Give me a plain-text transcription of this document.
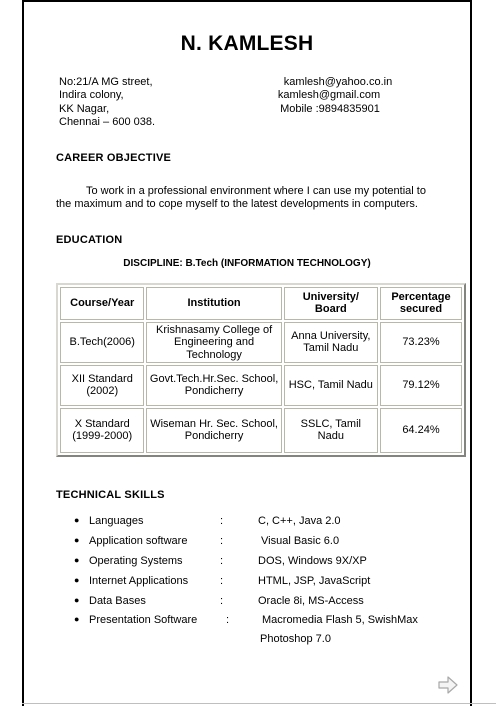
N. KAMLESH
No:21/A MG street,
Indira colony,
KK Nagar,
Chennai – 600 038.
kamlesh@yahoo.co.in
kamlesh@gmail.com
Mobile :9894835901
CAREER OBJECTIVE
To work in a professional environment where I can use my potential to the maximum and to cope myself to the latest developments in computers.
EDUCATION
DISCIPLINE: B.Tech (INFORMATION TECHNOLOGY)
Course/Year	Institution	University/ Board	Percentage secured
B.Tech(2006)	Krishnasamy College of Engineering and Technology	Anna University, Tamil Nadu	73.23%
XII Standard (2002)	Govt.Tech.Hr.Sec. School, Pondicherry	HSC, Tamil Nadu	79.12%
X Standard (1999-2000)	Wiseman Hr. Sec. School, Pondicherry	SSLC, Tamil Nadu	64.24%
TECHNICAL SKILLS
● Languages	:	C, C++, Java 2.0
● Application software	:	Visual Basic 6.0
● Operating Systems	:	DOS, Windows 9X/XP
● Internet Applications	:	HTML, JSP, JavaScript
● Data Bases	:	Oracle 8i, MS-Access
● Presentation Software	:	Macromedia Flash 5, SwishMax
Photoshop 7.0
